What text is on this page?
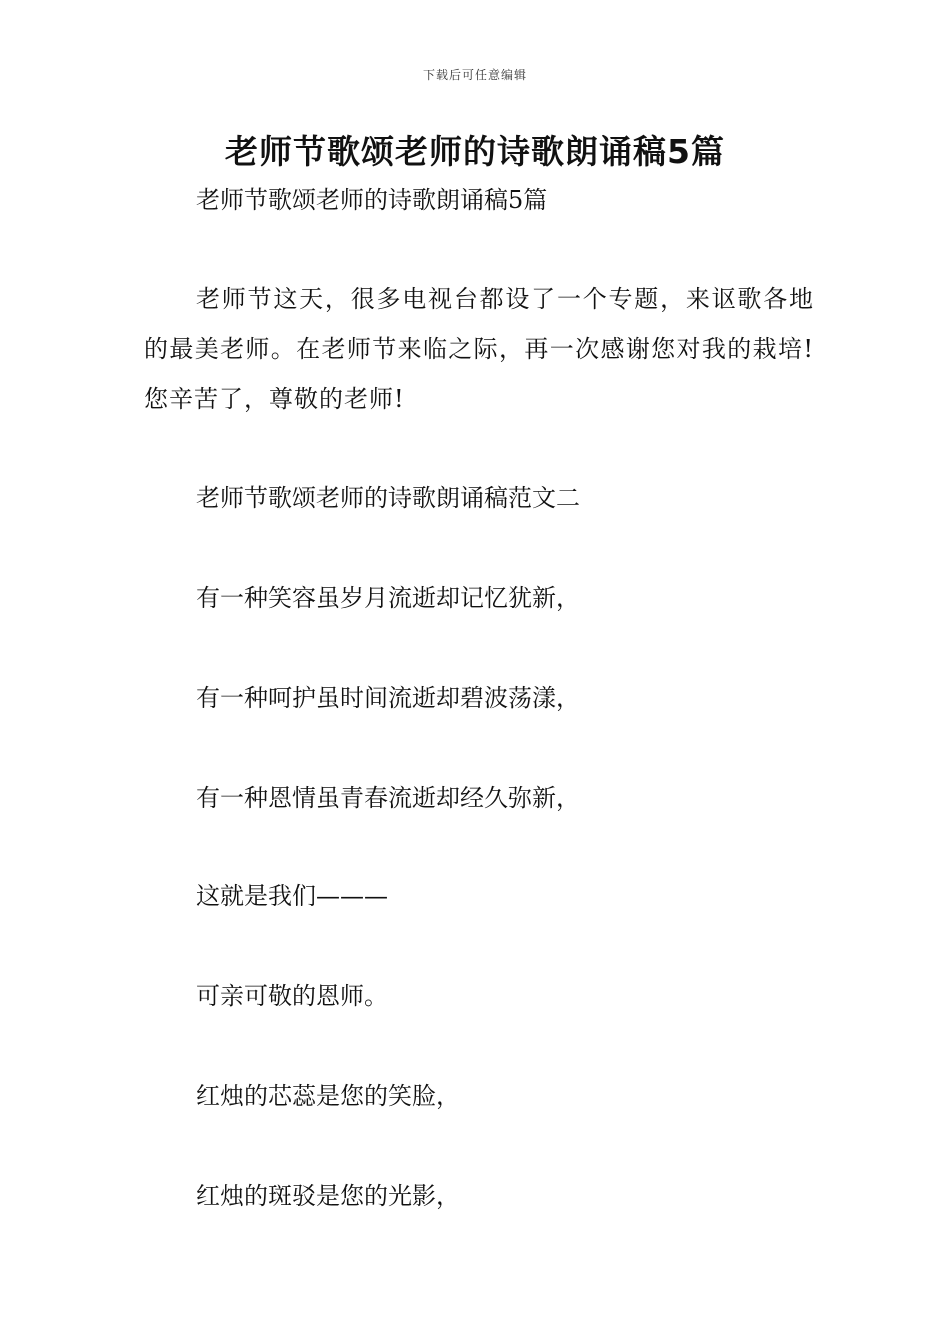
下载后可任意编辑
老师节歌颂老师的诗歌朗诵稿5篇
老师节歌颂老师的诗歌朗诵稿5篇
老师节这天，很多电视台都设了一个专题，来讴歌各地的最美老师。在老师节来临之际，再一次感谢您对我的栽培!您辛苦了，尊敬的老师!
老师节歌颂老师的诗歌朗诵稿范文二
有一种笑容虽岁月流逝却记忆犹新，
有一种呵护虽时间流逝却碧波荡漾，
有一种恩情虽青春流逝却经久弥新，
这就是我们———
可亲可敬的恩师。
红烛的芯蕊是您的笑脸，
红烛的斑驳是您的光影，
